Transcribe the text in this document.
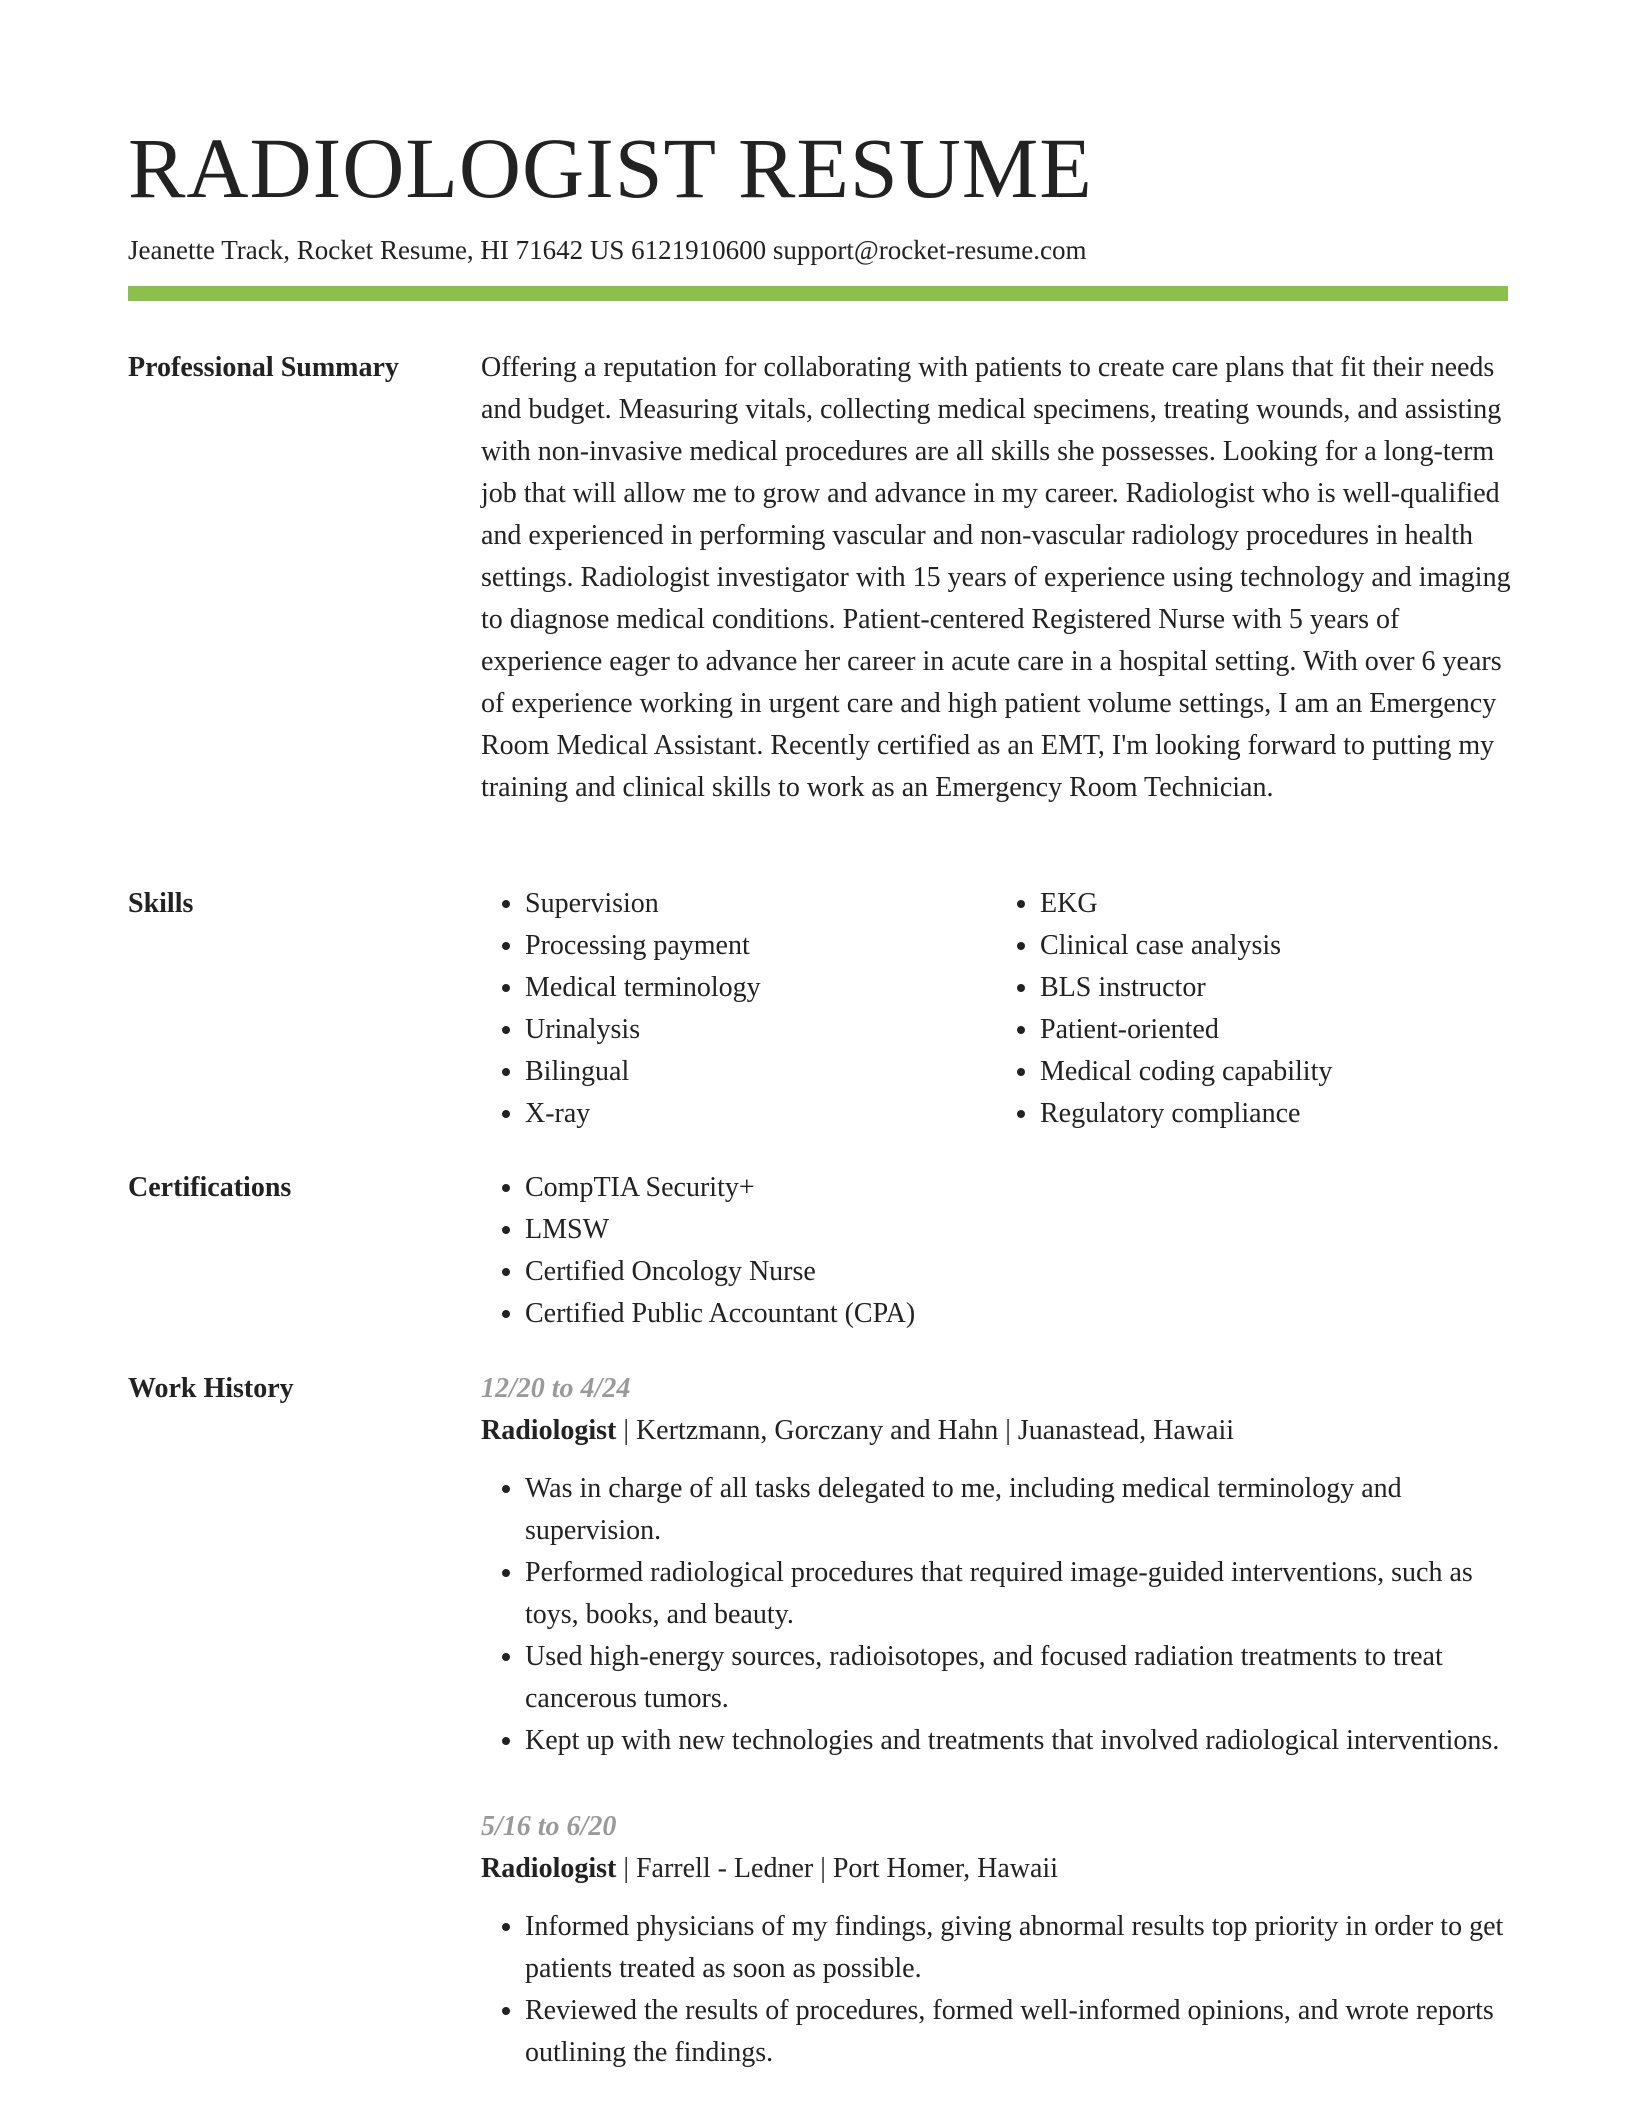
RADIOLOGIST RESUME
Jeanette Track, Rocket Resume, HI 71642 US 6121910600 support@rocket-resume.com
Professional Summary	Offering a reputation for collaborating with patients to create care plans that fit their needs and budget. Measuring vitals, collecting medical specimens, treating wounds, and assisting with non-invasive medical procedures are all skills she possesses. Looking for a long-term job that will allow me to grow and advance in my career. Radiologist who is well-qualified and experienced in performing vascular and non-vascular radiology procedures in health settings. Radiologist investigator with 15 years of experience using technology and imaging to diagnose medical conditions. Patient-centered Registered Nurse with 5 years of experience eager to advance her career in acute care in a hospital setting. With over 6 years of experience working in urgent care and high patient volume settings, I am an Emergency Room Medical Assistant. Recently certified as an EMT, I'm looking forward to putting my training and clinical skills to work as an Emergency Room Technician.

Skills	• Supervision
• Processing payment
• Medical terminology
• Urinalysis
• Bilingual
• X-ray
• EKG
• Clinical case analysis
• BLS instructor
• Patient-oriented
• Medical coding capability
• Regulatory compliance
Certifications	• CompTIA Security+
• LMSW
• Certified Oncology Nurse
• Certified Public Accountant (CPA)
Work History	12/20 to 4/24
Radiologist | Kertzmann, Gorczany and Hahn | Juanastead, Hawaii
• Was in charge of all tasks delegated to me, including medical terminology and supervision.
• Performed radiological procedures that required image-guided interventions, such as toys, books, and beauty.
• Used high-energy sources, radioisotopes, and focused radiation treatments to treat cancerous tumors.
• Kept up with new technologies and treatments that involved radiological interventions.
5/16 to 6/20
Radiologist | Farrell - Ledner | Port Homer, Hawaii
• Informed physicians of my findings, giving abnormal results top priority in order to get patients treated as soon as possible.
• Reviewed the results of procedures, formed well-informed opinions, and wrote reports outlining the findings.
